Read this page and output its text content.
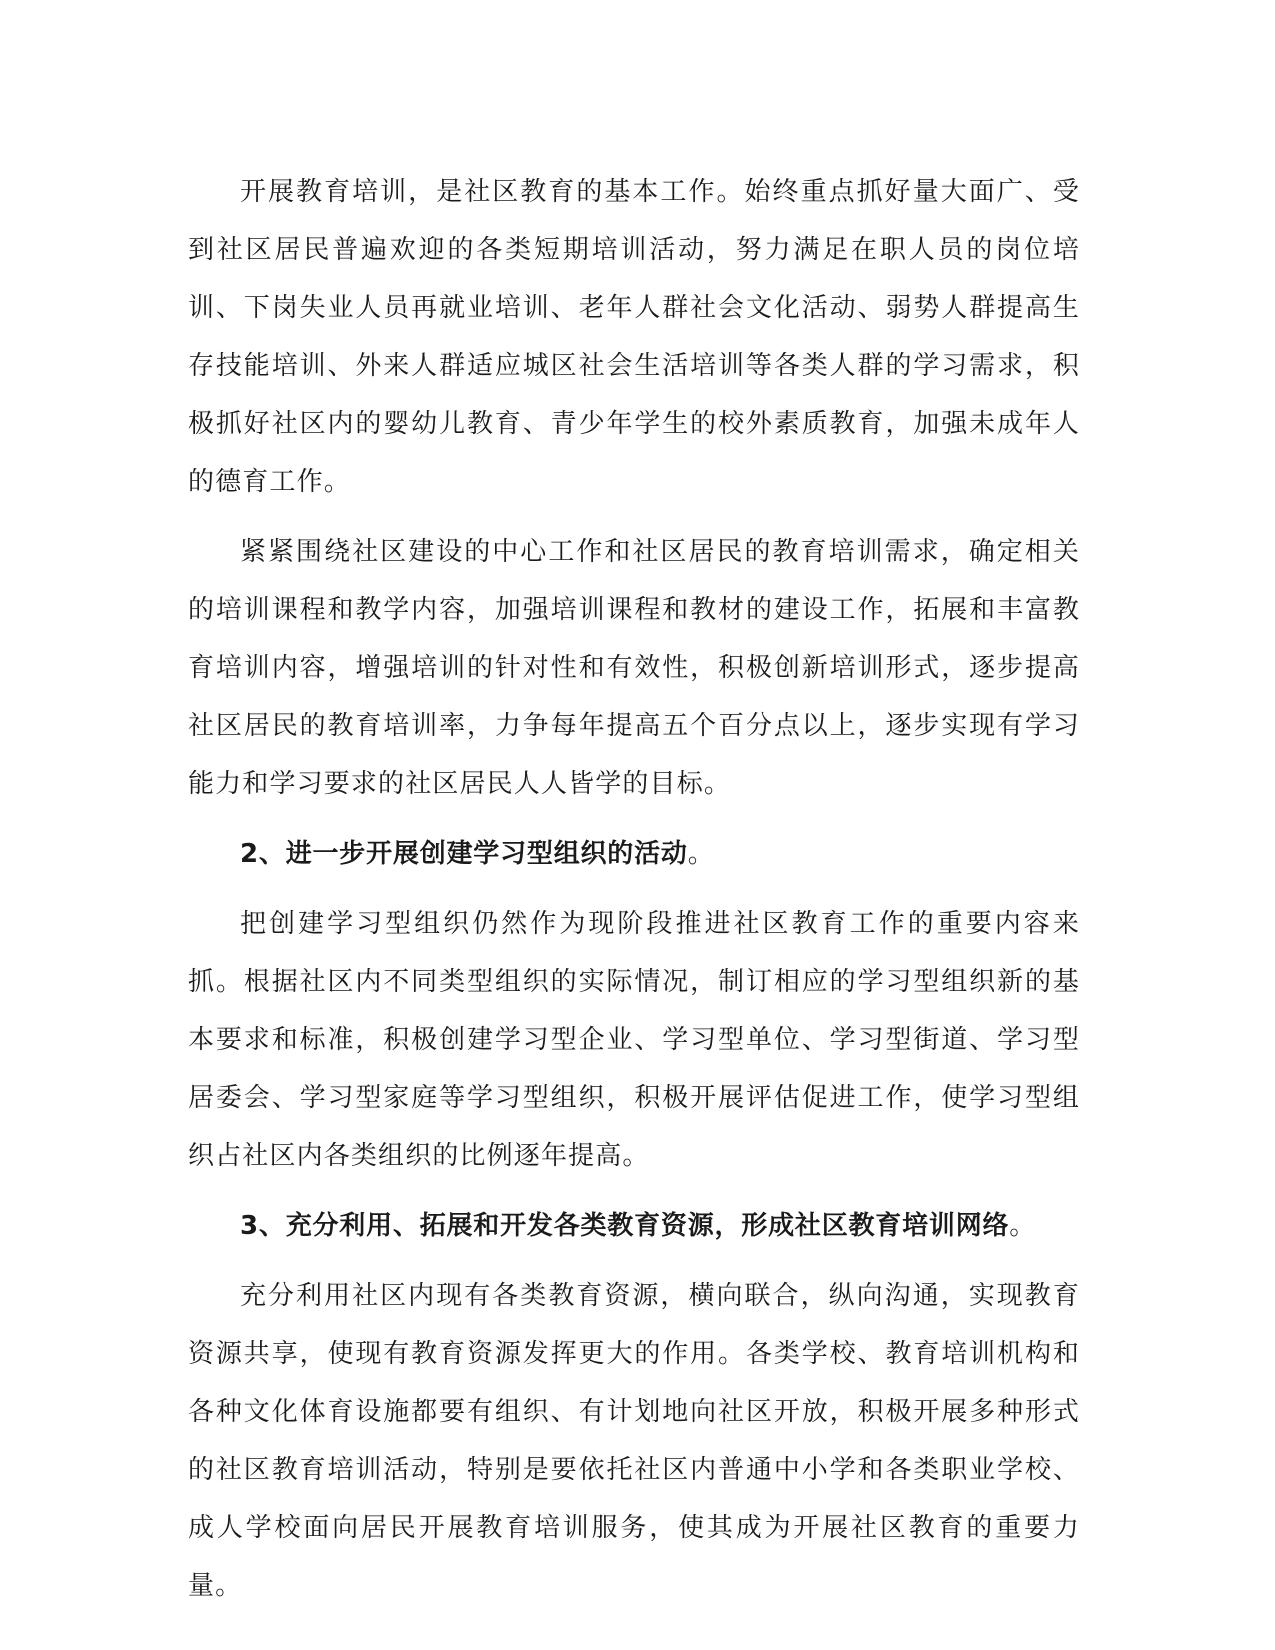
开展教育培训，是社区教育的基本工作。始终重点抓好量大面广、受到社区居民普遍欢迎的各类短期培训活动，努力满足在职人员的岗位培训、下岗失业人员再就业培训、老年人群社会文化活动、弱势人群提高生存技能培训、外来人群适应城区社会生活培训等各类人群的学习需求，积极抓好社区内的婴幼儿教育、青少年学生的校外素质教育，加强未成年人的德育工作。

紧紧围绕社区建设的中心工作和社区居民的教育培训需求，确定相关的培训课程和教学内容，加强培训课程和教材的建设工作，拓展和丰富教育培训内容，增强培训的针对性和有效性，积极创新培训形式，逐步提高社区居民的教育培训率，力争每年提高五个百分点以上，逐步实现有学习能力和学习要求的社区居民人人皆学的目标。

2、进一步开展创建学习型组织的活动。

把创建学习型组织仍然作为现阶段推进社区教育工作的重要内容来抓。根据社区内不同类型组织的实际情况，制订相应的学习型组织新的基本要求和标准，积极创建学习型企业、学习型单位、学习型街道、学习型居委会、学习型家庭等学习型组织，积极开展评估促进工作，使学习型组织占社区内各类组织的比例逐年提高。

3、充分利用、拓展和开发各类教育资源，形成社区教育培训网络。

充分利用社区内现有各类教育资源，横向联合，纵向沟通，实现教育资源共享，使现有教育资源发挥更大的作用。各类学校、教育培训机构和各种文化体育设施都要有组织、有计划地向社区开放，积极开展多种形式的社区教育培训活动，特别是要依托社区内普通中小学和各类职业学校、成人学校面向居民开展教育培训服务，使其成为开展社区教育的重要力量。
